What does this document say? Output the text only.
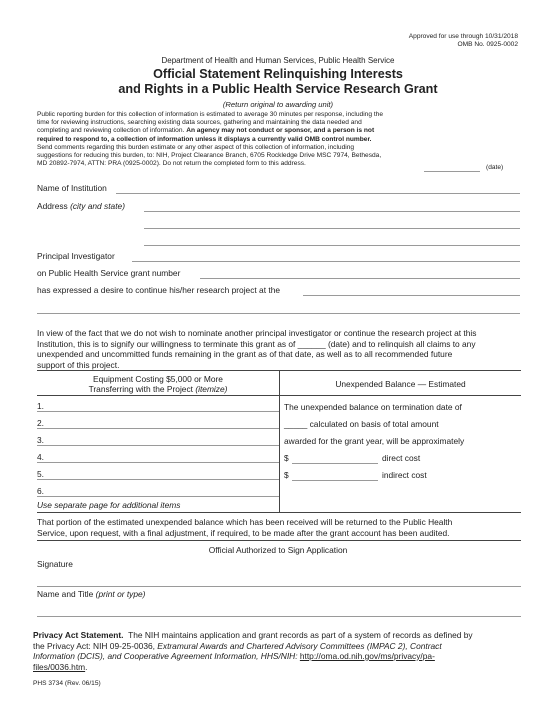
Approved for use through 10/31/2018
OMB No. 0925-0002
Department of Health and Human Services, Public Health Service
Official Statement Relinquishing Interests
and Rights in a Public Health Service Research Grant
(Return original to awarding unit)
Public reporting burden for this collection of information is estimated to average 30 minutes per response, including the
time for reviewing instructions, searching existing data sources, gathering and maintaining the data needed and
completing and reviewing collection of information. An agency may not conduct or sponsor, and a person is not
required to respond to, a collection of information unless it displays a currently valid OMB control number.
Send comments regarding this burden estimate or any other aspect of this collection of information, including
suggestions for reducing this burden, to: NIH, Project Clearance Branch, 6705 Rockledge Drive MSC 7974, Bethesda,
MD 20892-7974, ATTN: PRA (0925-0002). Do not return the completed form to this address.
(date)
Name of Institution
Address (city and state)
Principal Investigator
on Public Health Service grant number
has expressed a desire to continue his/her research project at the
In view of the fact that we do not wish to nominate another principal investigator or continue the research project at this
Institution, this is to signify our willingness to terminate this grant as of ______ (date) and to relinquish all claims to any
unexpended and uncommitted funds remaining in the grant as of that date, as well as to all recommended future
support of this project.
Equipment Costing $5,000 or More
Transferring with the Project (itemize)	Unexpended Balance — Estimated
1.
2.
3.
4.
5.
6.
Use separate page for additional items
The unexpended balance on termination date of
_____ calculated on basis of total amount
awarded for the grant year, will be approximately
$	direct cost
$	indirect cost
That portion of the estimated unexpended balance which has been received will be returned to the Public Health
Service, upon request, with a final adjustment, if required, to be made after the grant account has been audited.
Official Authorized to Sign Application
Signature
Name and Title (print or type)
Privacy Act Statement. The NIH maintains application and grant records as part of a system of records as defined by
the Privacy Act: NIH 09-25-0036, Extramural Awards and Chartered Advisory Committees (IMPAC 2), Contract
Information (DCIS), and Cooperative Agreement Information, HHS/NIH: http://oma.od.nih.gov/ms/privacy/pa-
files/0036.htm.
PHS 3734 (Rev. 06/15)
